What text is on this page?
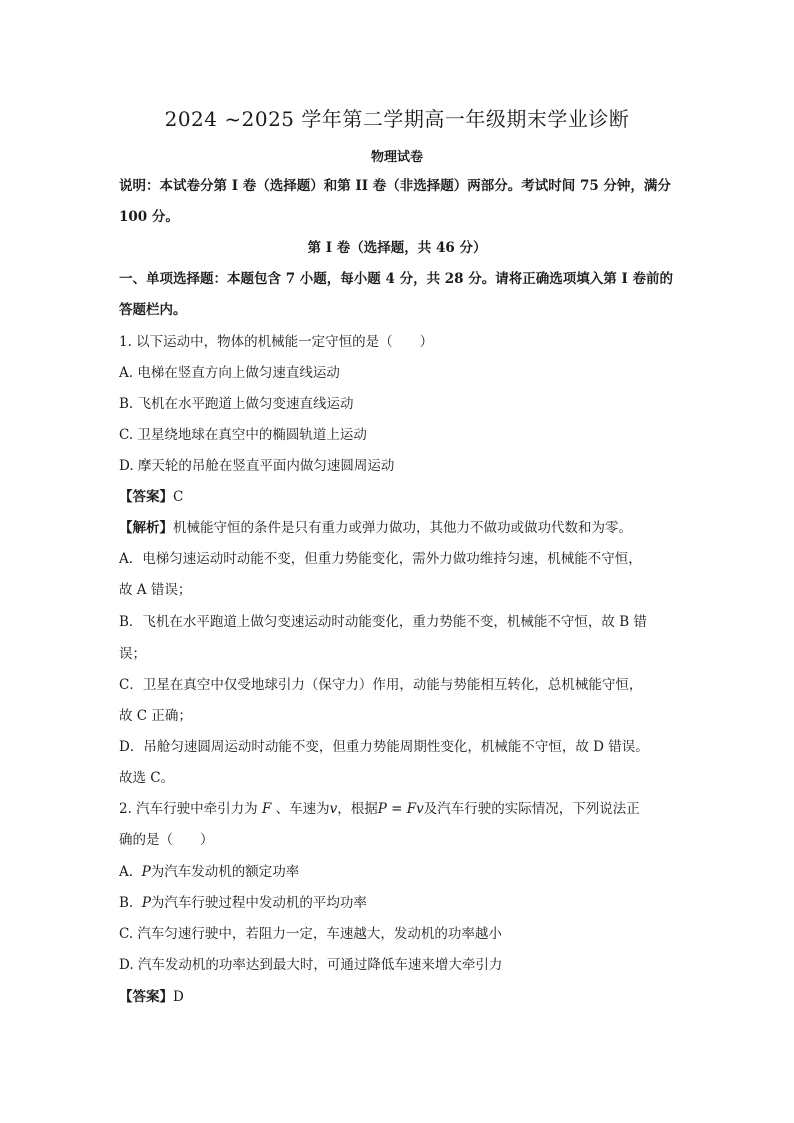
2024 ~2025 学年第二学期高一年级期末学业诊断
物理试卷
说明：本试卷分第 I 卷（选择题）和第 II 卷（非选择题）两部分。考试时间 75 分钟，满分
100 分。
第 I 卷（选择题，共 46 分）
一、单项选择题：本题包含 7 小题，每小题 4 分，共 28 分。请将正确选项填入第 I 卷前的
答题栏内。
1. 以下运动中，物体的机械能一定守恒的是（　　）
A. 电梯在竖直方向上做匀速直线运动
B. 飞机在水平跑道上做匀变速直线运动
C. 卫星绕地球在真空中的椭圆轨道上运动
D. 摩天轮的吊舱在竖直平面内做匀速圆周运动
【答案】C
【解析】机械能守恒的条件是只有重力或弹力做功，其他力不做功或做功代数和为零。
A．电梯匀速运动时动能不变，但重力势能变化，需外力做功维持匀速，机械能不守恒，
故 A 错误；
B．飞机在水平跑道上做匀变速运动时动能变化，重力势能不变，机械能不守恒，故 B 错
误；
C．卫星在真空中仅受地球引力（保守力）作用，动能与势能相互转化，总机械能守恒，
故 C 正确；
D．吊舱匀速圆周运动时动能不变，但重力势能周期性变化，机械能不守恒，故 D 错误。
故选 C。
2. 汽车行驶中牵引力为 F 、车速为v，根据P = Fv及汽车行驶的实际情况，下列说法正
确的是（　　）
A. P为汽车发动机的额定功率
B. P为汽车行驶过程中发动机的平均功率
C. 汽车匀速行驶中，若阻力一定，车速越大，发动机的功率越小
D. 汽车发动机的功率达到最大时，可通过降低车速来增大牵引力
【答案】D
